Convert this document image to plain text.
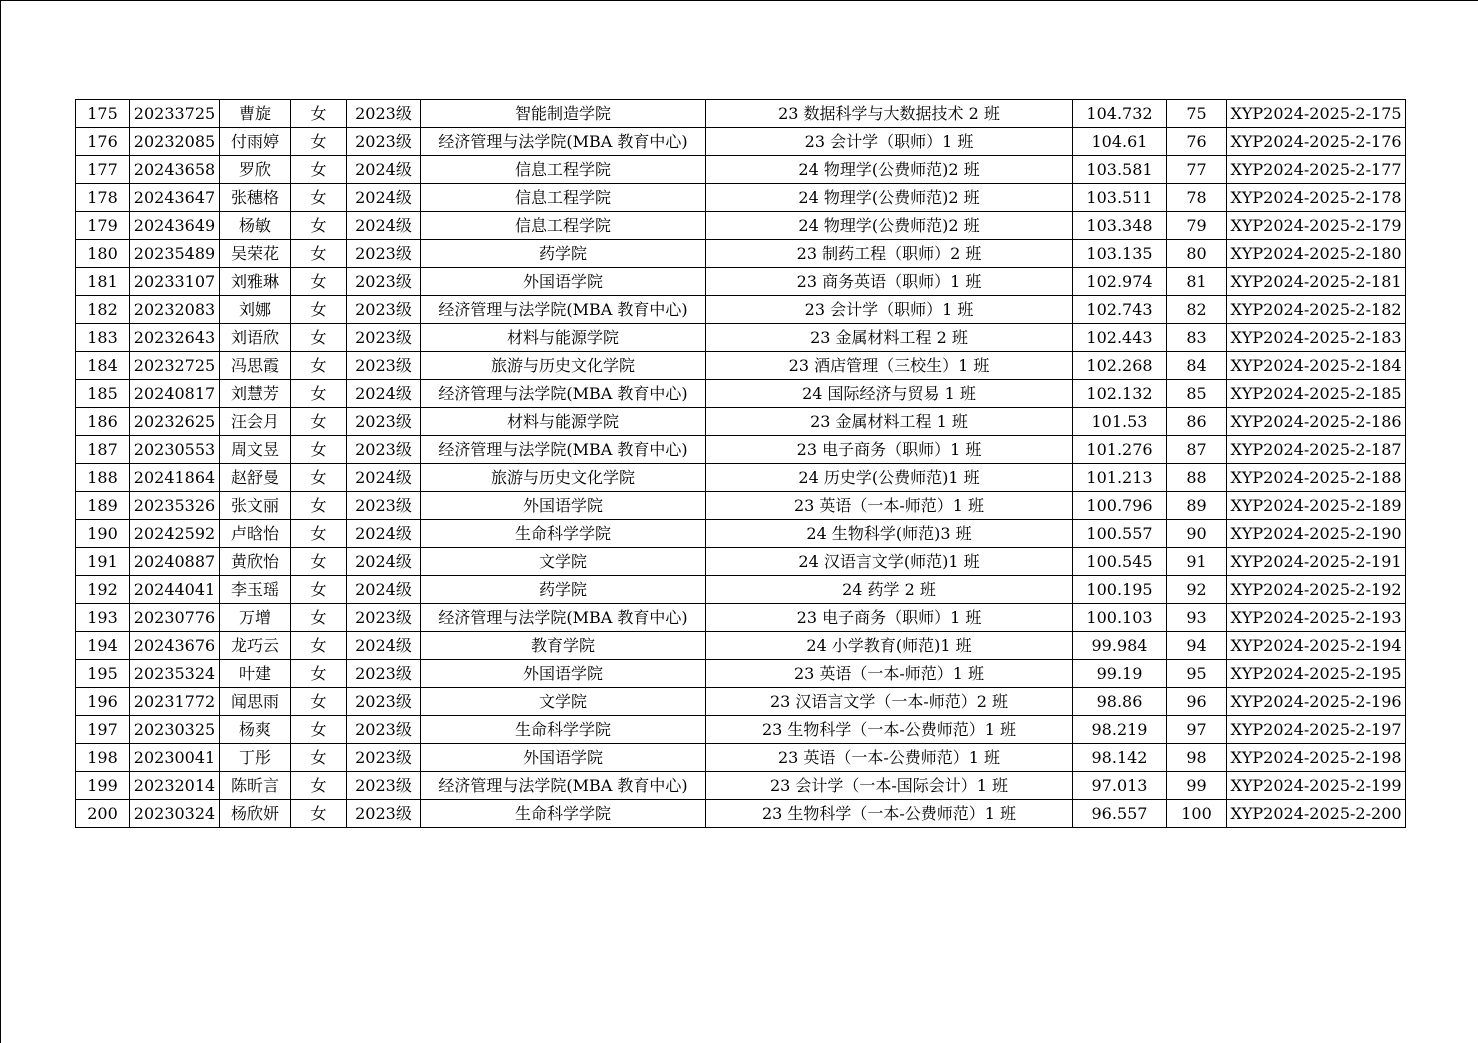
175	20233725	曹旋	女	2023级	智能制造学院	23 数据科学与大数据技术 2 班	104.732	75	XYP2024-2025-2-175
176	20232085	付雨婷	女	2023级	经济管理与法学院(MBA 教育中心)	23 会计学（职师）1 班	104.61	76	XYP2024-2025-2-176
177	20243658	罗欣	女	2024级	信息工程学院	24 物理学(公费师范)2 班	103.581	77	XYP2024-2025-2-177
178	20243647	张穗格	女	2024级	信息工程学院	24 物理学(公费师范)2 班	103.511	78	XYP2024-2025-2-178
179	20243649	杨敏	女	2024级	信息工程学院	24 物理学(公费师范)2 班	103.348	79	XYP2024-2025-2-179
180	20235489	吴荣花	女	2023级	药学院	23 制药工程（职师）2 班	103.135	80	XYP2024-2025-2-180
181	20233107	刘雅琳	女	2023级	外国语学院	23 商务英语（职师）1 班	102.974	81	XYP2024-2025-2-181
182	20232083	刘娜	女	2023级	经济管理与法学院(MBA 教育中心)	23 会计学（职师）1 班	102.743	82	XYP2024-2025-2-182
183	20232643	刘语欣	女	2023级	材料与能源学院	23 金属材料工程 2 班	102.443	83	XYP2024-2025-2-183
184	20232725	冯思霞	女	2023级	旅游与历史文化学院	23 酒店管理（三校生）1 班	102.268	84	XYP2024-2025-2-184
185	20240817	刘慧芳	女	2024级	经济管理与法学院(MBA 教育中心)	24 国际经济与贸易 1 班	102.132	85	XYP2024-2025-2-185
186	20232625	汪会月	女	2023级	材料与能源学院	23 金属材料工程 1 班	101.53	86	XYP2024-2025-2-186
187	20230553	周文昱	女	2023级	经济管理与法学院(MBA 教育中心)	23 电子商务（职师）1 班	101.276	87	XYP2024-2025-2-187
188	20241864	赵舒曼	女	2024级	旅游与历史文化学院	24 历史学(公费师范)1 班	101.213	88	XYP2024-2025-2-188
189	20235326	张文丽	女	2023级	外国语学院	23 英语（一本-师范）1 班	100.796	89	XYP2024-2025-2-189
190	20242592	卢晗怡	女	2024级	生命科学学院	24 生物科学(师范)3 班	100.557	90	XYP2024-2025-2-190
191	20240887	黄欣怡	女	2024级	文学院	24 汉语言文学(师范)1 班	100.545	91	XYP2024-2025-2-191
192	20244041	李玉瑶	女	2024级	药学院	24 药学 2 班	100.195	92	XYP2024-2025-2-192
193	20230776	万增	女	2023级	经济管理与法学院(MBA 教育中心)	23 电子商务（职师）1 班	100.103	93	XYP2024-2025-2-193
194	20243676	龙巧云	女	2024级	教育学院	24 小学教育(师范)1 班	99.984	94	XYP2024-2025-2-194
195	20235324	叶建	女	2023级	外国语学院	23 英语（一本-师范）1 班	99.19	95	XYP2024-2025-2-195
196	20231772	闻思雨	女	2023级	文学院	23 汉语言文学（一本-师范）2 班	98.86	96	XYP2024-2025-2-196
197	20230325	杨爽	女	2023级	生命科学学院	23 生物科学（一本-公费师范）1 班	98.219	97	XYP2024-2025-2-197
198	20230041	丁彤	女	2023级	外国语学院	23 英语（一本-公费师范）1 班	98.142	98	XYP2024-2025-2-198
199	20232014	陈昕言	女	2023级	经济管理与法学院(MBA 教育中心)	23 会计学（一本-国际会计）1 班	97.013	99	XYP2024-2025-2-199
200	20230324	杨欣妍	女	2023级	生命科学学院	23 生物科学（一本-公费师范）1 班	96.557	100	XYP2024-2025-2-200
